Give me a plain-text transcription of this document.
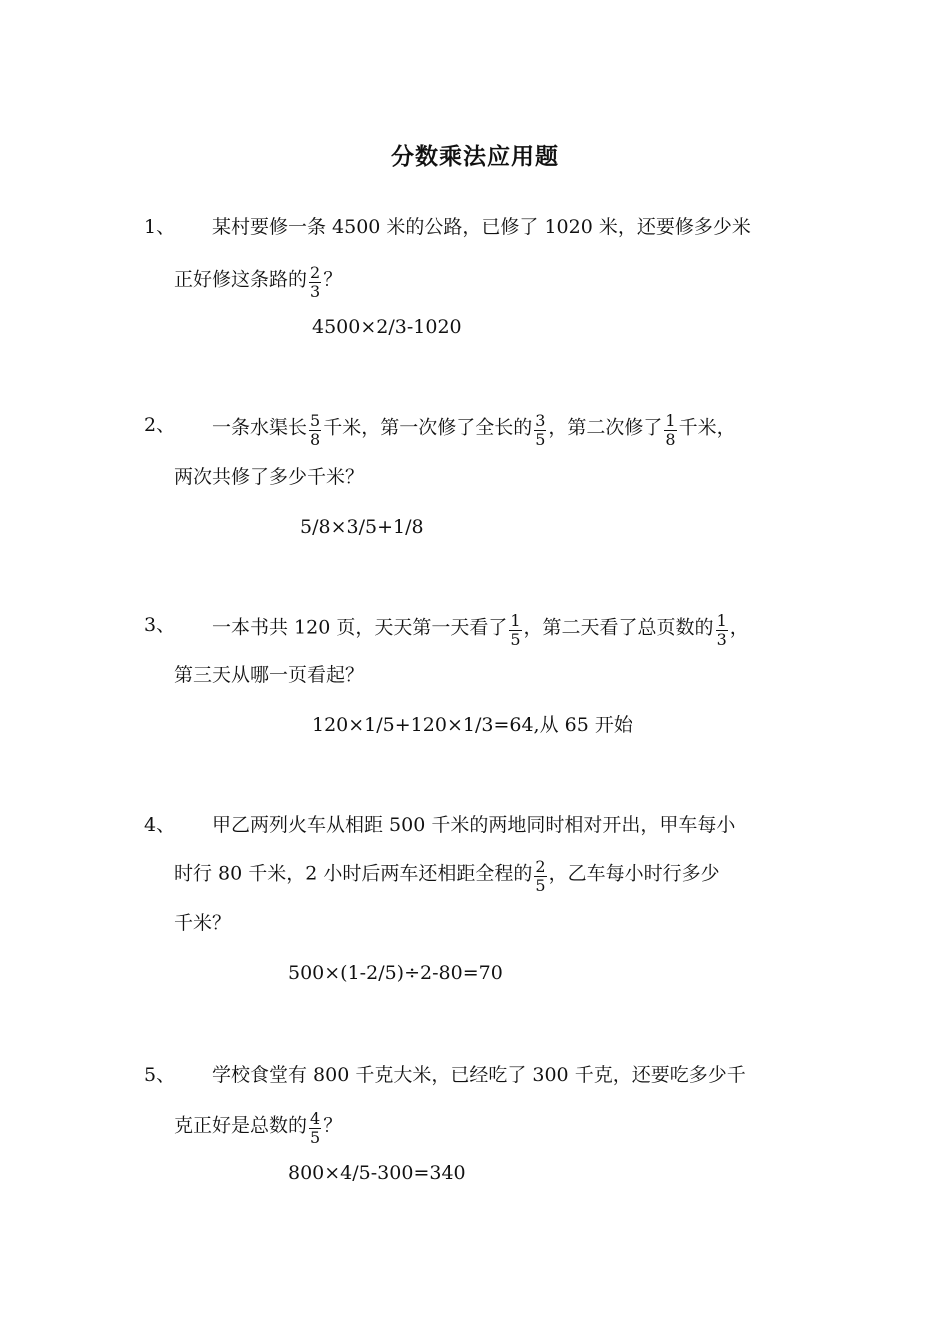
分数乘法应用题
1、 某村要修一条 4500 米的公路，已修了 1020 米，还要修多少米
正好修这条路的 $\frac{2}{3}$ ？
4500×2/3-1020
2、 一条水渠长 $\frac{5}{8}$ 千米，第一次修了全长的 $\frac{3}{5}$ ，第二次修了 $\frac{1}{8}$ 千米，
两次共修了多少千米？
5/8×3/5+1/8
3、 一本书共 120 页，天天第一天看了 $\frac{1}{5}$ ，第二天看了总页数的 $\frac{1}{3}$ ，
第三天从哪一页看起？
120×1/5+120×1/3=64,从 65 开始
4、 甲乙两列火车从相距 500 千米的两地同时相对开出，甲车每小
时行 80 千米，2 小时后两车还相距全程的 $\frac{2}{5}$ ，乙车每小时行多少
千米？
500×(1-2/5)÷2-80=70
5、 学校食堂有 800 千克大米，已经吃了 300 千克，还要吃多少千
克正好是总数的 $\frac{4}{5}$ ？
800×4/5-300=340
